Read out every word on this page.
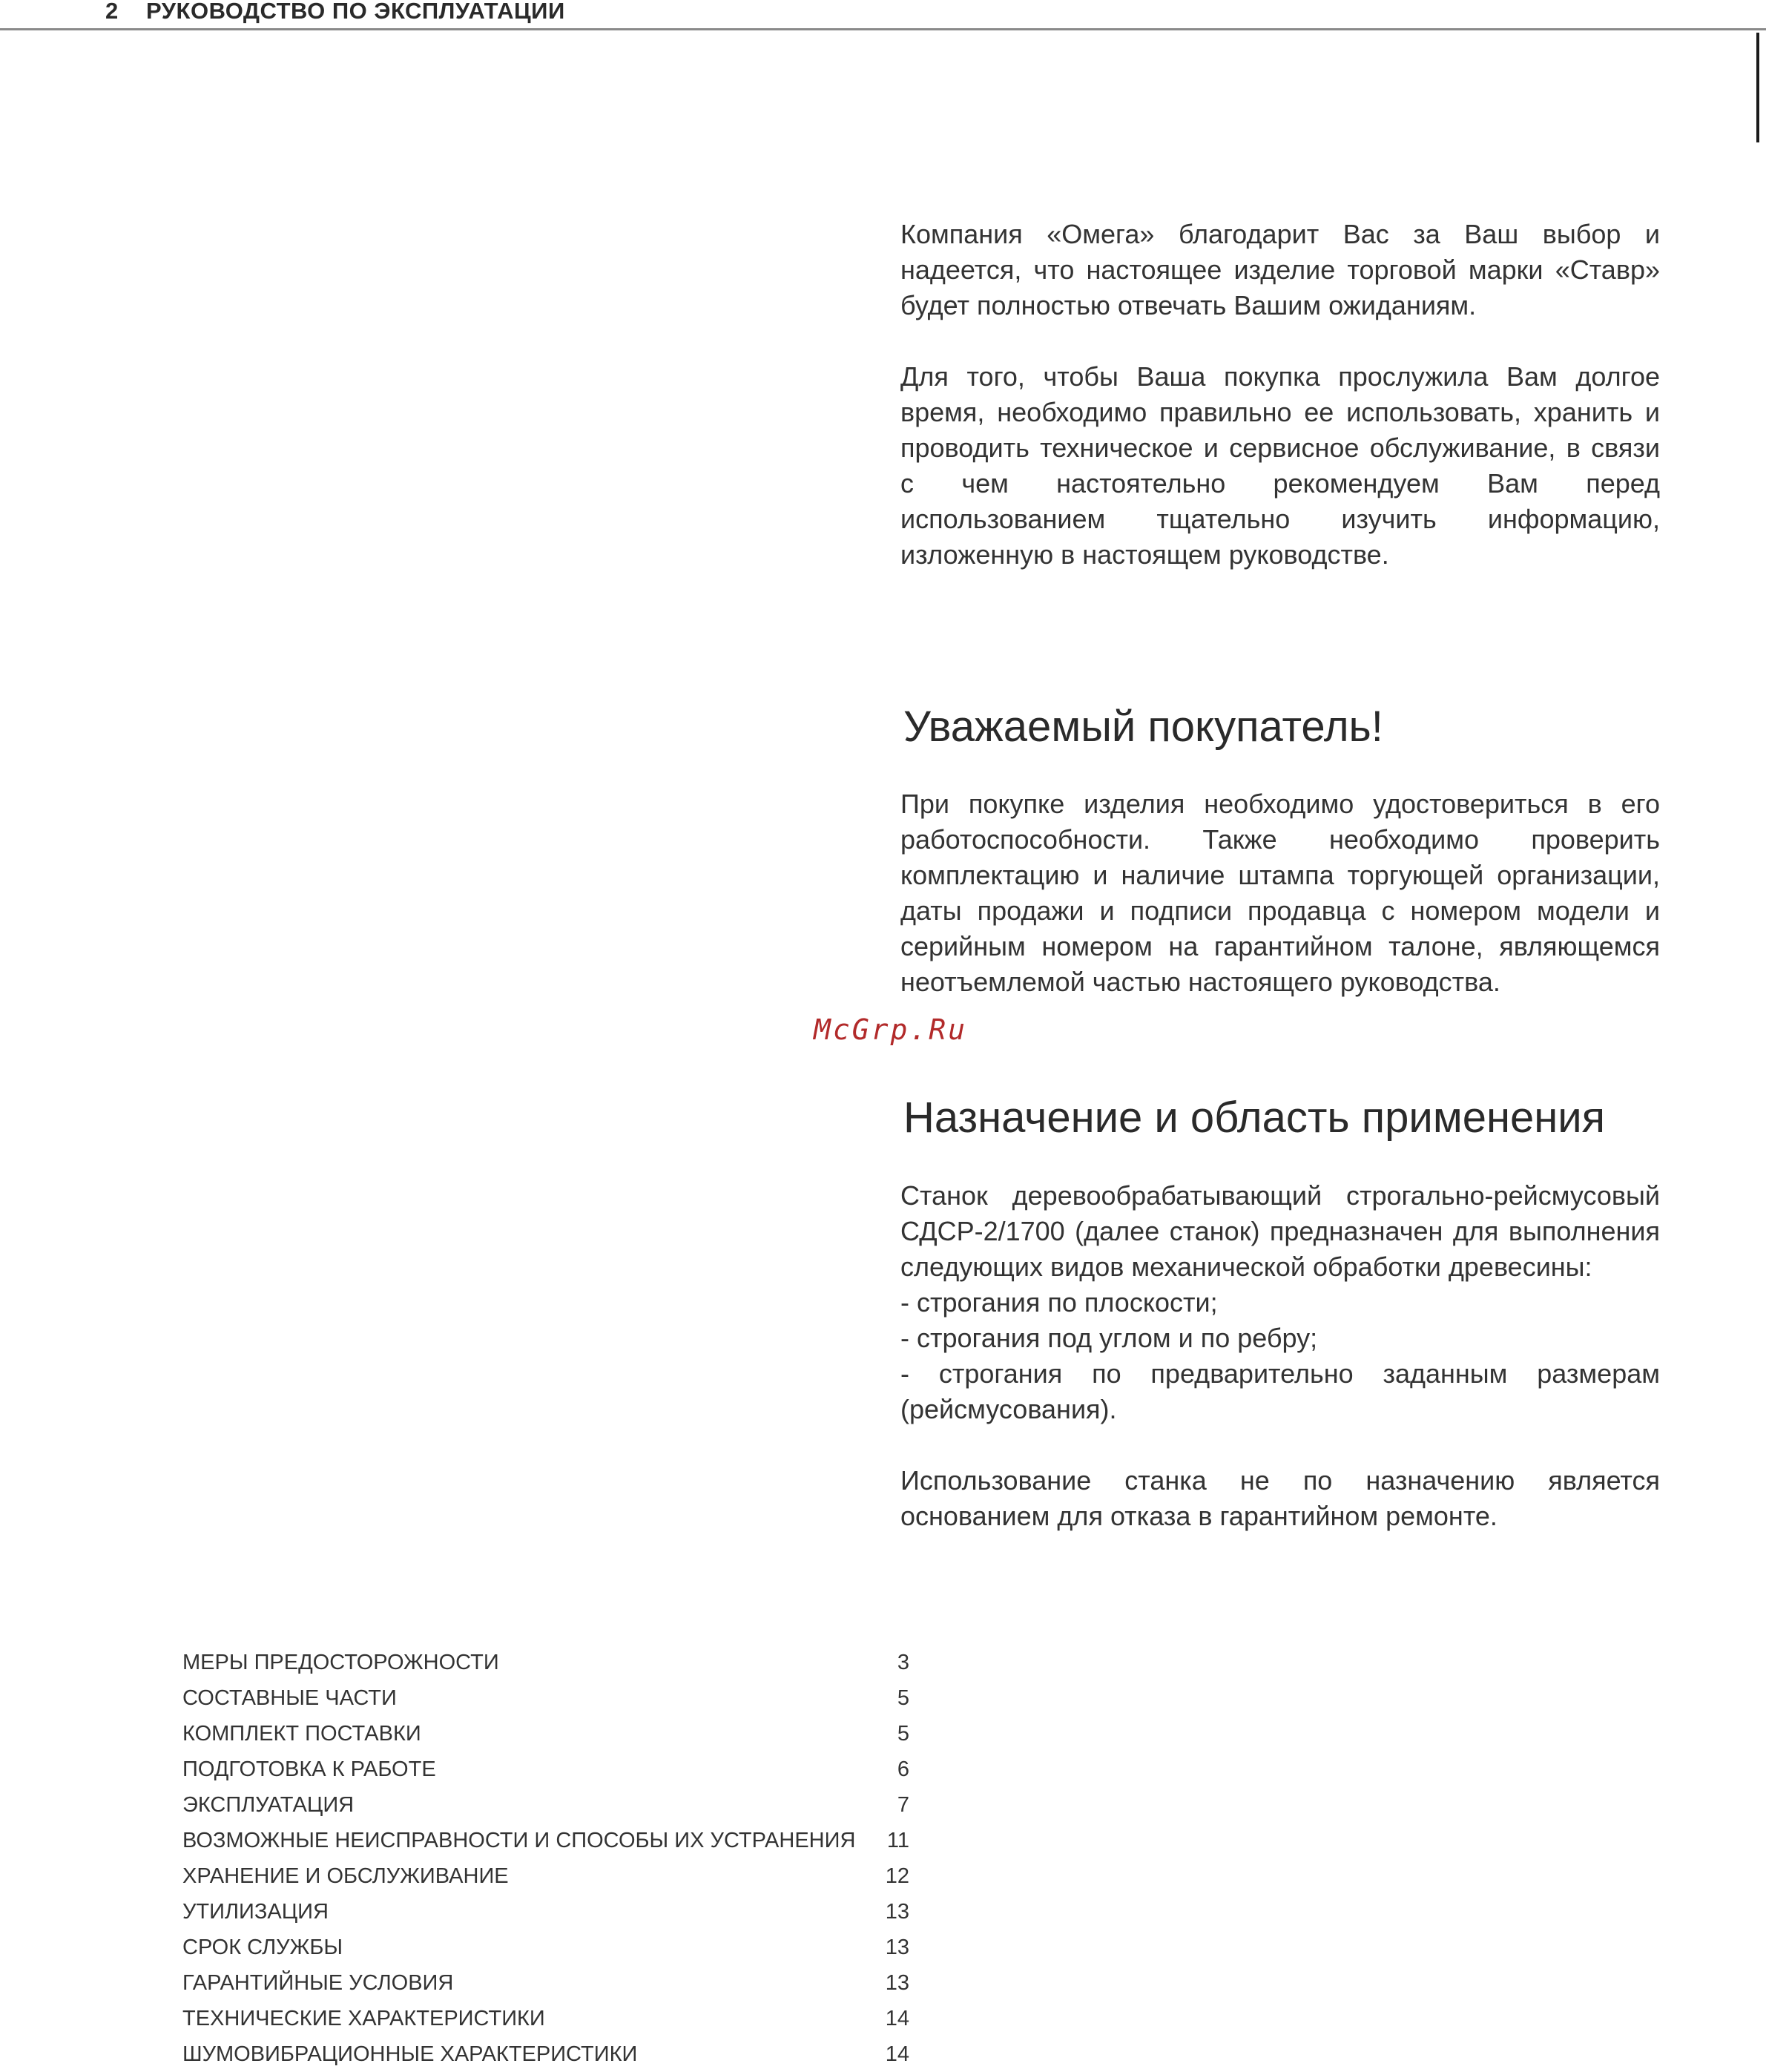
2 РУКОВОДСТВО ПО ЭКСПЛУАТАЦИИ

Компания «Омега» благодарит Вас за Ваш выбор и надеется, что настоящее изделие торговой марки «Ставр» будет полностью отвечать Вашим ожиданиям.

Для того, чтобы Ваша покупка прослужила Вам долгое время, необходимо правильно ее использовать, хранить и проводить техническое и сервисное обслуживание, в связи с чем настоятельно рекомендуем Вам перед использованием тщательно изучить информацию, изложенную в настоящем руководстве.

Уважаемый покупатель!

При покупке изделия необходимо удостовериться в его работоспособности. Также необходимо проверить комплектацию и наличие штампа торгующей организации, даты продажи и подписи продавца с номером модели и серийным номером на гарантийном талоне, являющемся неотъемлемой частью настоящего руководства.

McGrp.Ru
Назначение и область применения

Станок деревообрабатывающий строгально-рейсмусовый СДСР-2/1700 (далее станок) предназначен для выполнения следующих видов механической обработки древесины:

- строгания по плоскости;
- строгания под углом и по ребру;

- строгания по предварительно заданным размерам (рейсмусования).

Использование станка не по назначению является основанием для отказа в гарантийном ремонте.

МЕРЫ ПРЕДОСТОРОЖНОСТИ	3
СОСТАВНЫЕ ЧАСТИ	5
КОМПЛЕКТ ПОСТАВКИ	5
ПОДГОТОВКА К РАБОТЕ	6
ЭКСПЛУАТАЦИЯ	7
ВОЗМОЖНЫЕ НЕИСПРАВНОСТИ И СПОСОБЫ ИХ УСТРАНЕНИЯ 11
ХРАНЕНИЕ И ОБСЛУЖИВАНИЕ	12
УТИЛИЗАЦИЯ	13
СРОК СЛУЖБЫ	13
ГАРАНТИЙНЫЕ УСЛОВИЯ	13
ТЕХНИЧЕСКИЕ ХАРАКТЕРИСТИКИ	14
ШУМОВИБРАЦИОННЫЕ ХАРАКТЕРИСТИКИ	14
